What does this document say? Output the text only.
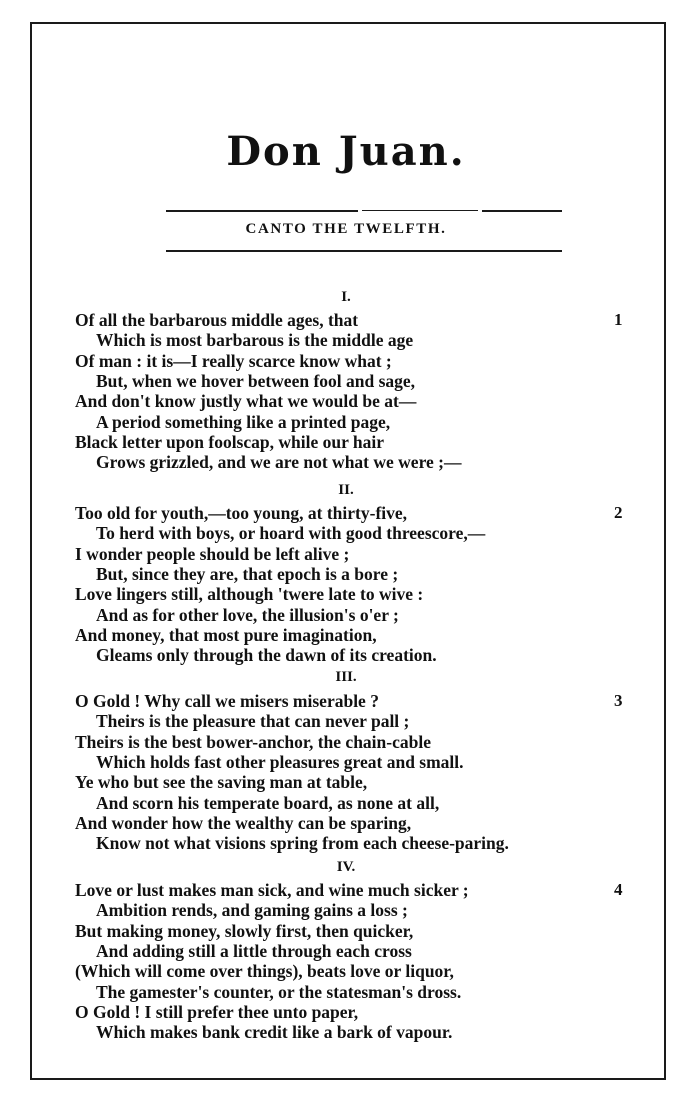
Don Juan.
CANTO THE TWELFTH.
I.
Of all the barbarous middle ages, that
Which is most barbarous is the middle age
Of man : it is—I really scarce know what ;
But, when we hover between fool and sage,
And don't know justly what we would be at—
A period something like a printed page,
Black letter upon foolscap, while our hair
Grows grizzled, and we are not what we were ;—
1
II.
Too old for youth,—too young, at thirty-five,
To herd with boys, or hoard with good threescore,—
I wonder people should be left alive ;
But, since they are, that epoch is a bore ;
Love lingers still, although 'twere late to wive :
And as for other love, the illusion's o'er ;
And money, that most pure imagination,
Gleams only through the dawn of its creation.
2
III.
O Gold ! Why call we misers miserable ?
Theirs is the pleasure that can never pall ;
Theirs is the best bower-anchor, the chain-cable
Which holds fast other pleasures great and small.
Ye who but see the saving man at table,
And scorn his temperate board, as none at all,
And wonder how the wealthy can be sparing,
Know not what visions spring from each cheese-paring.
3
IV.
Love or lust makes man sick, and wine much sicker ;
Ambition rends, and gaming gains a loss ;
But making money, slowly first, then quicker,
And adding still a little through each cross
(Which will come over things), beats love or liquor,
The gamester's counter, or the statesman's dross.
O Gold ! I still prefer thee unto paper,
Which makes bank credit like a bark of vapour.
4
